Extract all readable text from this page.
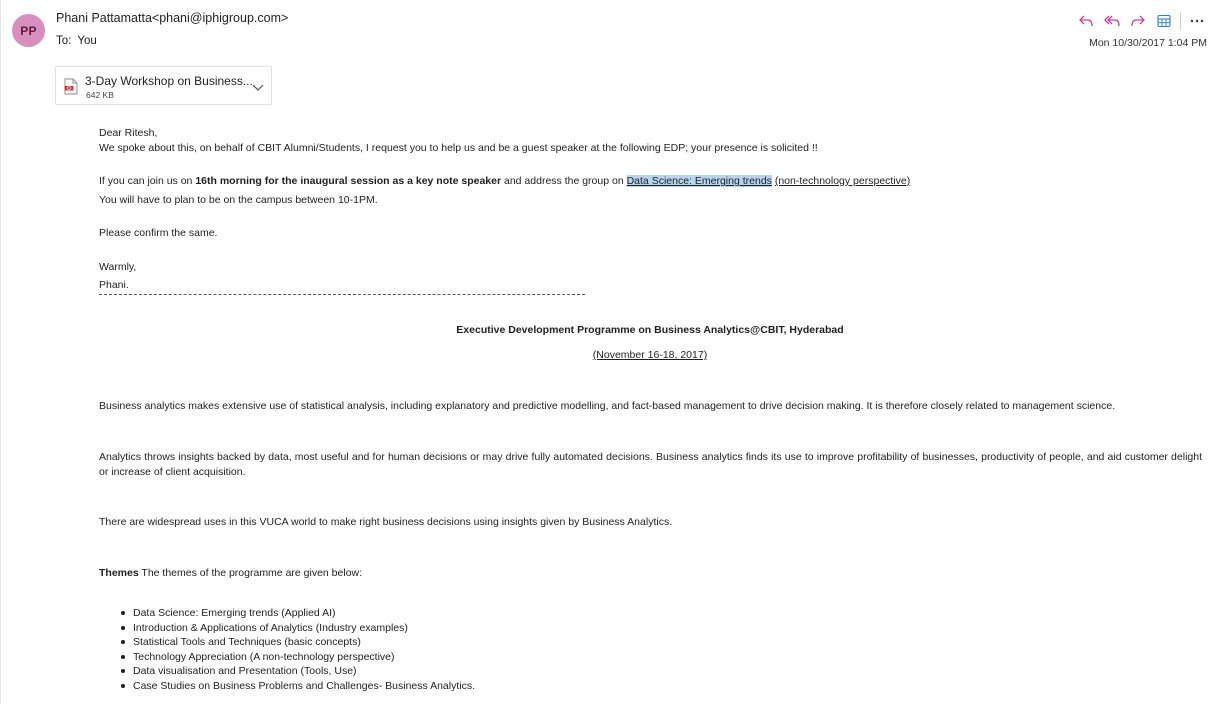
PP
Phani Pattamatta<phani@iphigroup.com>
To: You	Mon 10/30/2017 1:04 PM
3-Day Workshop on Business...
642 KB
Dear Ritesh,
We spoke about this, on behalf of CBIT Alumni/Students, I request you to help us and be a guest speaker at the following EDP; your presence is solicited !!
If you can join us on 16th morning for the inaugural session as a key note speaker and address the group on Data Science: Emerging trends (non-technology perspective)
You will have to plan to be on the campus between 10-1PM.
Please confirm the same.
Warmly,
Phani.
Executive Development Programme on Business Analytics@CBIT, Hyderabad
(November 16-18, 2017)
Business analytics makes extensive use of statistical analysis, including explanatory and predictive modelling, and fact-based management to drive decision making. It is therefore closely related to management science.
Analytics throws insights backed by data, most useful and for human decisions or may drive fully automated decisions. Business analytics finds its use to improve profitability of businesses, productivity of people, and aid customer delight or increase of client acquisition.
There are widespread uses in this VUCA world to make right business decisions using insights given by Business Analytics.
Themes The themes of the programme are given below:
Data Science: Emerging trends (Applied AI)
Introduction & Applications of Analytics (Industry examples)
Statistical Tools and Techniques (basic concepts)
Technology Appreciation (A non-technology perspective)
Data visualisation and Presentation (Tools, Use)
Case Studies on Business Problems and Challenges- Business Analytics.
